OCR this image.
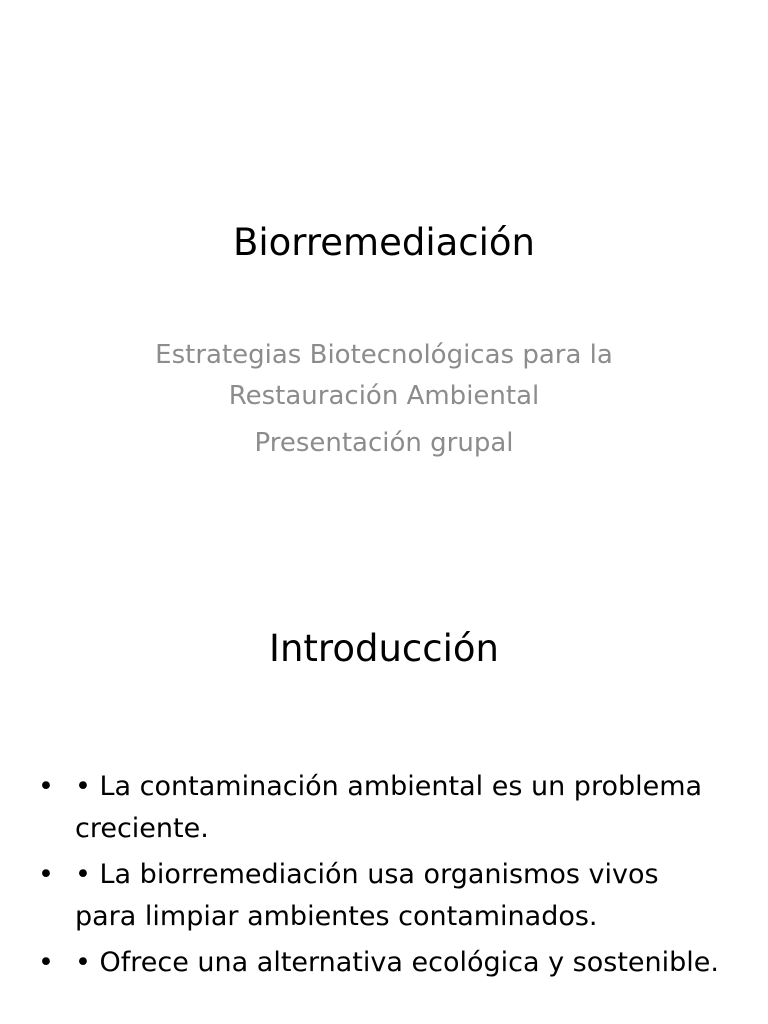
Biorremediación

Estrategias Biotecnológicas para la Restauración Ambiental

Presentación grupal

Introducción
• • La contaminación ambiental es un problema creciente.
• • La biorremediación usa organismos vivos para limpiar ambientes contaminados.
• • Ofrece una alternativa ecológica y sostenible.
